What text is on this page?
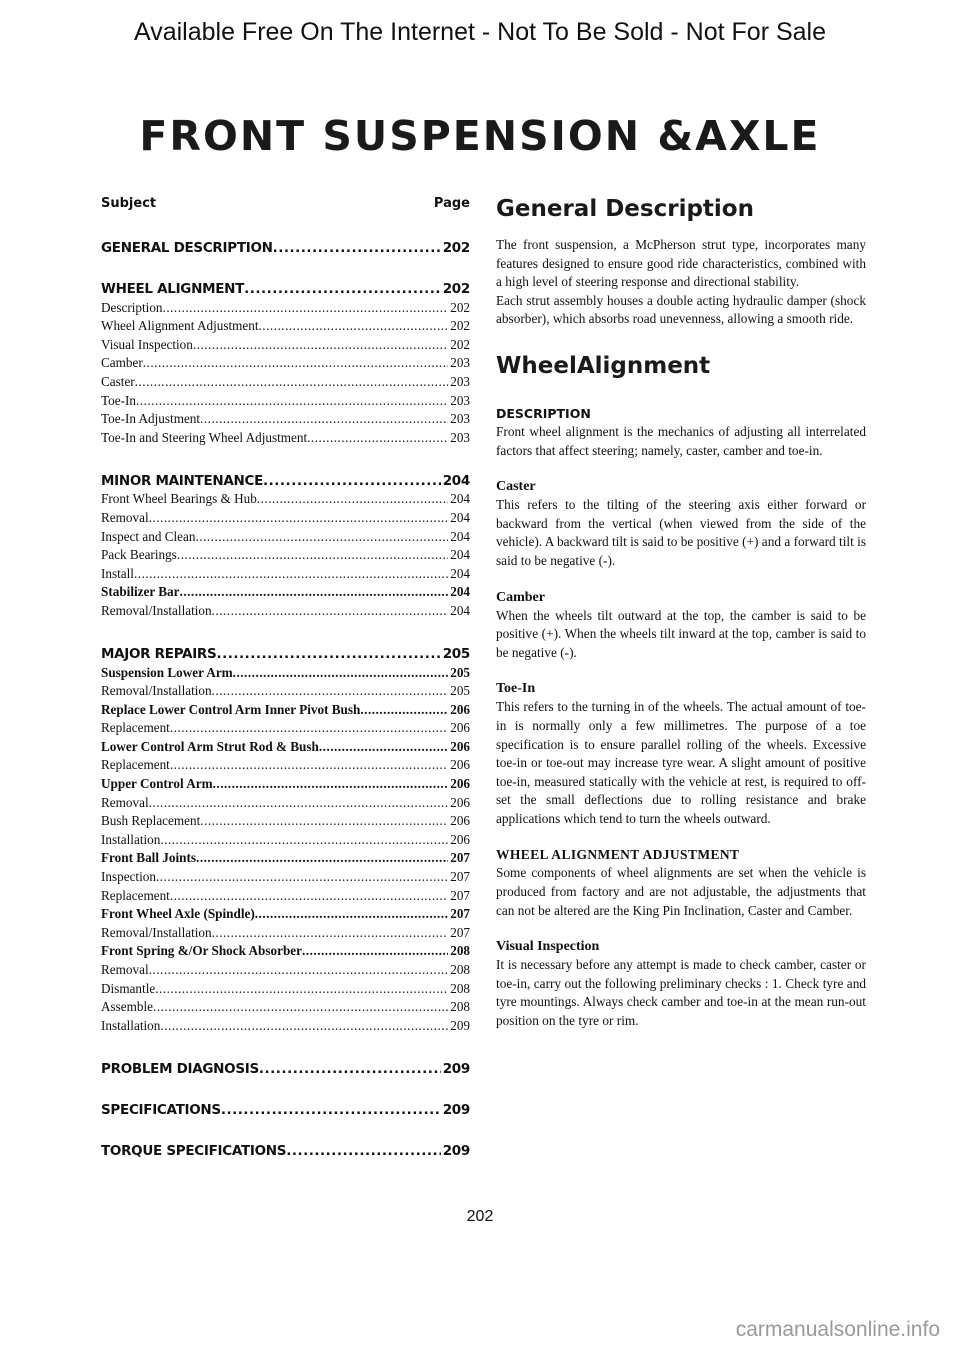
Available Free On The Internet - Not To Be Sold - Not For Sale
FRONT SUSPENSION &AXLE
Subject	Page
GENERAL DESCRIPTION .....	202
WHEEL ALIGNMENT .....	202
Description .....	202
Wheel Alignment Adjustment .....	202
Visual Inspection .....	202
Camber .....	203
Caster .....	203
Toe-In .....	203
Toe-In Adjustment .....	203
Toe-In and Steering Wheel Adjustment .....	203
MINOR MAINTENANCE .....	204
Front Wheel Bearings & Hub .....	204
Removal .....	204
Inspect and Clean .....	204
Pack Bearings .....	204
Install .....	204
Stabilizer Bar .....	204
Removal/Installation .....	204
MAJOR REPAIRS .....	205
Suspension Lower Arm .....	205
Removal/Installation .....	205
Replace Lower Control Arm Inner Pivot Bush .....	206
Replacement .....	206
Lower Control Arm Strut Rod & Bush .....	206
Replacement .....	206
Upper Control Arm .....	206
Removal .....	206
Bush Replacement .....	206
Installation .....	206
Front Ball Joints .....	207
Inspection .....	207
Replacement .....	207
Front Wheel Axle (Spindle) .....	207
Removal/Installation .....	207
Front Spring &/Or Shock Absorber .....	208
Removal .....	208
Dismantle .....	208
Assemble .....	208
Installation .....	209
PROBLEM DIAGNOSIS .....	209
SPECIFICATIONS .....	209
TORQUE SPECIFICATIONS .....	209
General Description

The front suspension, a McPherson strut type, incorporates many features designed to ensure good ride characteristics, combined with a high level of steering response and directional stability.

Each strut assembly houses a double acting hydraulic damper (shock absorber), which absorbs road unevenness, allowing a smooth ride.

WheelAlignment
DESCRIPTION

Front wheel alignment is the mechanics of adjusting all interrelated factors that affect steering; namely, caster, camber and toe-in.

Caster

This refers to the tilting of the steering axis either forward or backward from the vertical (when viewed from the side of the vehicle). A backward tilt is said to be positive (+) and a forward tilt is said to be negative (-).

Camber

When the wheels tilt outward at the top, the camber is said to be positive (+). When the wheels tilt inward at the top, camber is said to be negative (-).

Toe-In

This refers to the turning in of the wheels. The actual amount of toe-in is normally only a few millimetres. The purpose of a toe specification is to ensure parallel rolling of the wheels. Excessive toe-in or toe-out may increase tyre wear. A slight amount of positive toe-in, measured statically with the vehicle at rest, is required to off-set the small deflections due to rolling resistance and brake applications which tend to turn the wheels outward.

WHEEL ALIGNMENT ADJUSTMENT

Some components of wheel alignments are set when the vehicle is produced from factory and are not adjustable, the adjustments that can not be altered are the King Pin Inclination, Caster and Camber.

Visual Inspection

It is necessary before any attempt is made to check camber, caster or toe-in, carry out the following preliminary checks : 1. Check tyre and tyre mountings. Always check camber and toe-in at the mean run-out position on the tyre or rim.

202
carmanualsonline.info
